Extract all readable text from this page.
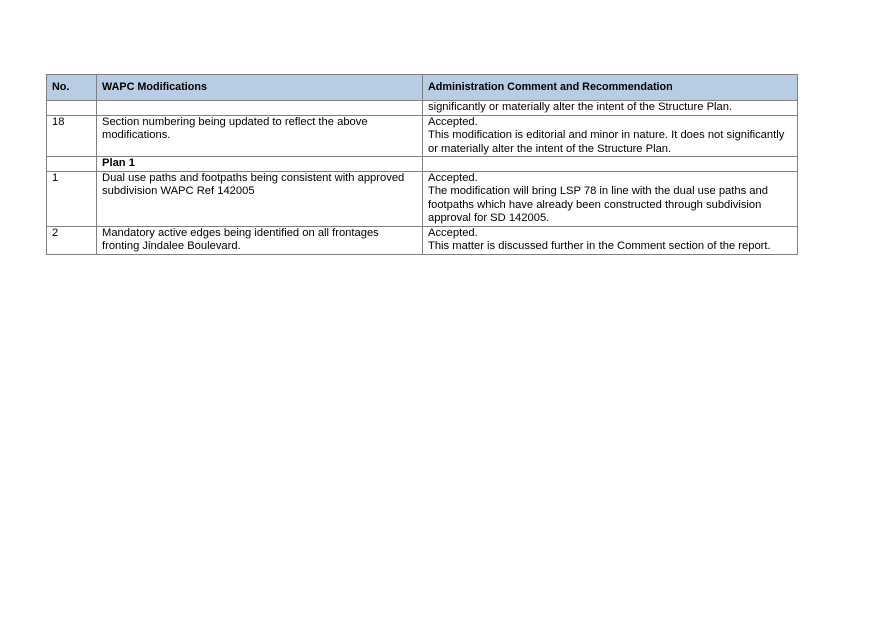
No.	WAPC Modifications	Administration Comment and Recommendation

		significantly or materially alter the intent of the Structure Plan.

18	Section numbering being updated to reflect the above modifications.	Accepted.
This modification is editorial and minor in nature. It does not significantly or materially alter the intent of the Structure Plan.

	Plan 1	

1	Dual use paths and footpaths being consistent with approved subdivision WAPC Ref 142005	Accepted.
The modification will bring LSP 78 in line with the dual use paths and footpaths which have already been constructed through subdivision approval for SD 142005.

2	Mandatory active edges being identified on all frontages fronting Jindalee Boulevard.	Accepted.
This matter is discussed further in the Comment section of the report.
